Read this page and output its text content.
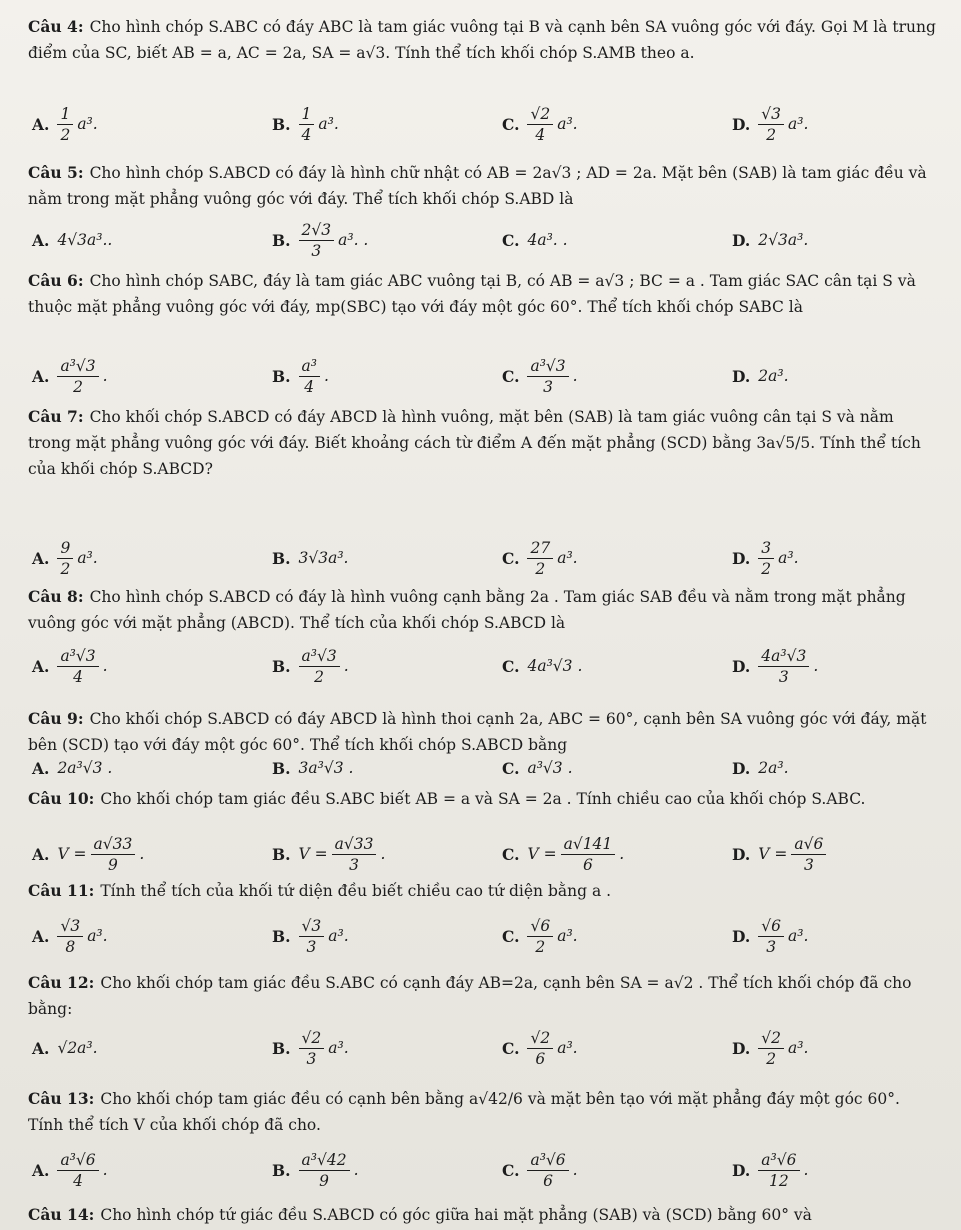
Câu 4: Cho hình chóp S.ABC có đáy ABC là tam giác vuông tại B và cạnh bên SA vuông góc với đáy. Gọi M là trung điểm của SC, biết AB = a, AC = 2a, SA = a√3. Tính thể tích khối chóp S.AMB theo a.

A. $\frac{1}{2} a^3$.	B. $\frac{1}{4} a^3$.	C. $\frac{√2}{4} a^3$.	D. $\frac{√3}{2} a^3$.

Câu 5: Cho hình chóp S.ABCD có đáy là hình chữ nhật có AB = 2a√3 ; AD = 2a. Mặt bên (SAB) là tam giác đều và nằm trong mặt phẳng vuông góc với đáy. Thể tích khối chóp S.ABD là

A. 4√3a³..	B. $\frac{2√3}{3} a^3$. .	C. 4a³. .	D. 2√3a³.

Câu 6: Cho hình chóp SABC, đáy là tam giác ABC vuông tại B, có AB = a√3 ; BC = a . Tam giác SAC cân tại S và thuộc mặt phẳng vuông góc với đáy, mp(SBC) tạo với đáy một góc 60°. Thể tích khối chóp SABC là

A. $\frac{\text{a³√3}}{2}$ .	B. $\frac{\text{a³}}{4}$ .	C. $\frac{\text{a³√3}}{3}$ .	D. 2a³.

Câu 7: Cho khối chóp S.ABCD có đáy ABCD là hình vuông, mặt bên (SAB) là tam giác vuông cân tại S và nằm trong mặt phẳng vuông góc với đáy. Biết khoảng cách từ điểm A đến mặt phẳng (SCD) bằng 3a√5/5. Tính thể tích của khối chóp S.ABCD?

A. $\frac{9}{2} a^3$.	B. 3√3a³.	C. $\frac{27}{2} a^3$.	D. $\frac{3}{2} a^3$.

Câu 8: Cho hình chóp S.ABCD có đáy là hình vuông cạnh bằng 2a . Tam giác SAB đều và nằm trong mặt phẳng vuông góc với mặt phẳng (ABCD). Thể tích của khối chóp S.ABCD là

A. $\frac{\text{a³√3}}{4}$ .	B. $\frac{\text{a³√3}}{2}$ .	C. 4a³√3 .	D. $\frac{\text{4a³√3}}{3}$ .

Câu 9: Cho khối chóp S.ABCD có đáy ABCD là hình thoi cạnh 2a, ABC = 60°, cạnh bên SA vuông góc với đáy, mặt bên (SCD) tạo với đáy một góc 60°. Thể tích khối chóp S.ABCD bằng

A. 2a³√3 .	B. 3a³√3 .	C. a³√3 .	D. 2a³.

Câu 10: Cho khối chóp tam giác đều S.ABC biết AB = a và SA = 2a . Tính chiều cao của khối chóp S.ABC.

A. $V = \frac{a√33}{9}$ .	B. $V = \frac{a√33}{3}$ .	C. $V = \frac{a√141}{6}$ .	D. $V = \frac{a√6}{3}$

Câu 11: Tính thể tích của khối tứ diện đều biết chiều cao tứ diện bằng a .

A. $\frac{√3}{8} a^3$.	B. $\frac{√3}{3} a^3$.	C. $\frac{√6}{2} a^3$.	D. $\frac{√6}{3} a^3$.

Câu 12: Cho khối chóp tam giác đều S.ABC có cạnh đáy AB=2a, cạnh bên SA = a√2 . Thể tích khối chóp đã cho bằng:

A. √2a³.	B. $\frac{√2}{3} a^3$.	C. $\frac{√2}{6} a^3$.	D. $\frac{√2}{2} a^3$.

Câu 13: Cho khối chóp tam giác đều có cạnh bên bằng a√42/6 và mặt bên tạo với mặt phẳng đáy một góc 60°. Tính thể tích V của khối chóp đã cho.

A. $\frac{\text{a³√6}}{4}$ .	B. $\frac{\text{a³√42}}{9}$ .	C. $\frac{\text{a³√6}}{6}$ .	D. $\frac{\text{a³√6}}{12}$ .

Câu 14: Cho hình chóp tứ giác đều S.ABCD có góc giữa hai mặt phẳng (SAB) và (SCD) bằng 60° và
